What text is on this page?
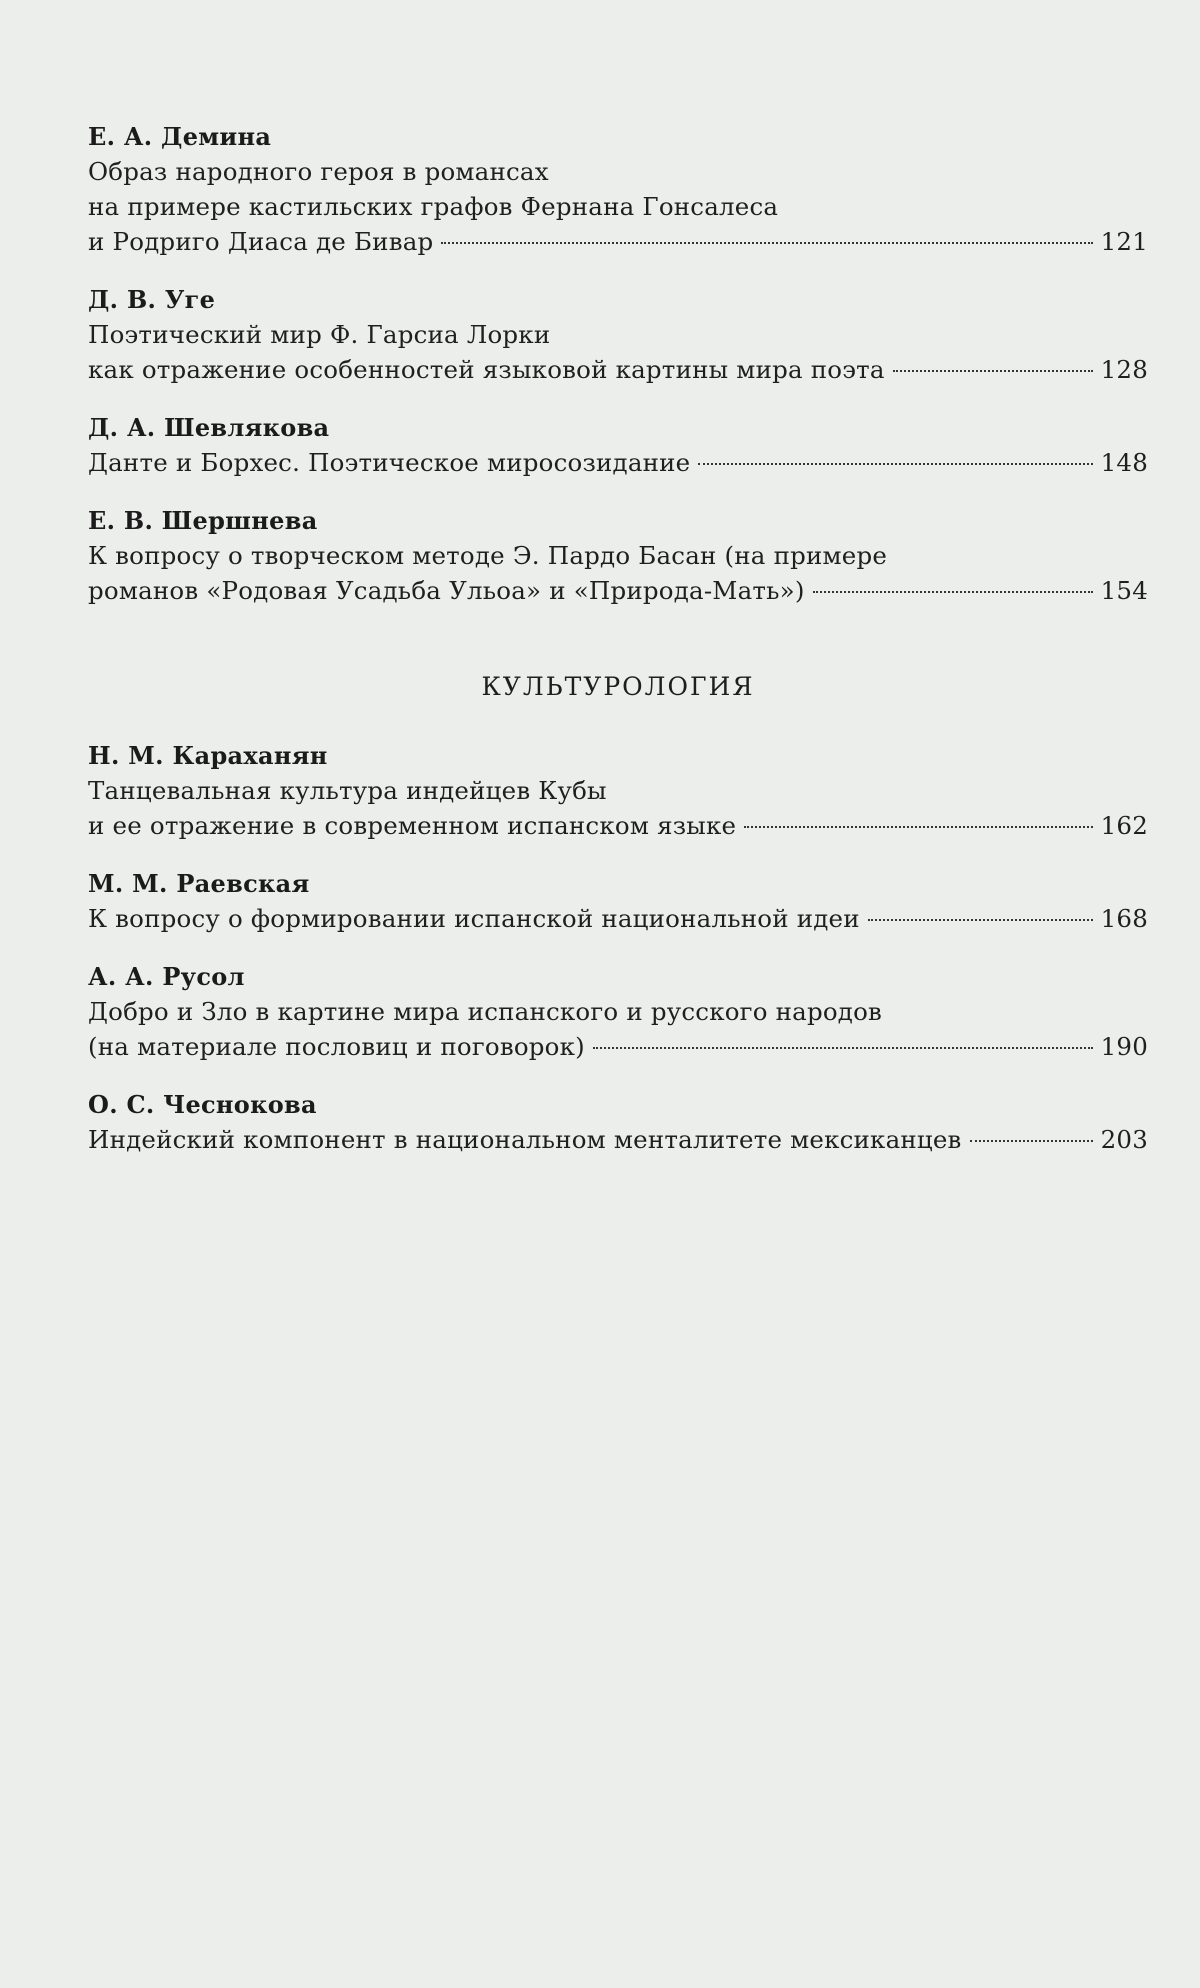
Е. А. Демина
Образ народного героя в романсах
на примере кастильских графов Фернана Гонсалеса
и Родриго Диаса де Бивар	121
Д. В. Уге
Поэтический мир Ф. Гарсиа Лорки
как отражение особенностей языковой картины мира поэта	128
Д. А. Шевлякова
Данте и Борхес. Поэтическое миросозидание	148
Е. В. Шершнева
К вопросу о творческом методе Э. Пардо Басан (на примере
романов «Родовая Усадьба Ульоа» и «Природа-Мать»)	154
КУЛЬТУРОЛОГИЯ
Н. М. Караханян
Танцевальная культура индейцев Кубы
и ее отражение в современном испанском языке	162
М. М. Раевская
К вопросу о формировании испанской национальной идеи	168
А. А. Русол
Добро и Зло в картине мира испанского и русского народов
(на материале пословиц и поговорок)	190
О. С. Чеснокова
Индейский компонент в национальном менталитете мексиканцев	203
